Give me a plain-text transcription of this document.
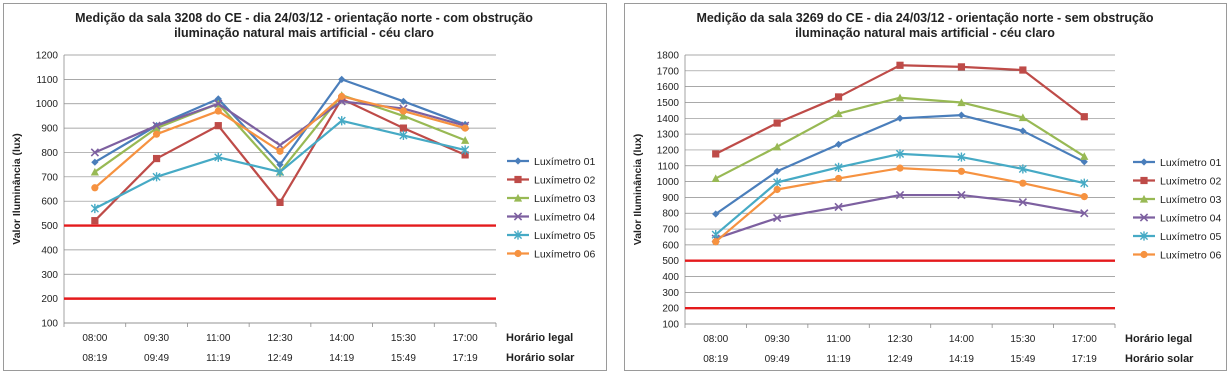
Medição da sala 3208 do CE - dia 24/03/12 - orientação norte - com obstrução
iluminação natural mais artificial - céu claro
100
200
300
400
500
600
700
800
900
1000
1100
1200
Valor Iluminância (lux)
08:00	09:30	11:00	12:30	14:00	15:30	17:00
08:19	09:49	11:19	12:49	14:19	15:49	17:19
Horário legal
Horário solar
Luxímetro 01
Luxímetro 02
Luxímetro 03
Luxímetro 04
Luxímetro 05
Luxímetro 06
Medição da sala 3269 do CE - dia 24/03/12 - orientação norte - sem obstrução
iluminação natural mais artificial - céu claro
100
200
300
400
500
600
700
800
900
1000
1100
1200
1300
1400
1500
1600
1700
1800
Valor Iluminância (lux)
08:00	09:30	11:00	12:30	14:00	15:30	17:00
08:19	09:49	11:19	12:49	14:19	15:49	17:19
Horário legal
Horário solar
Luxímetro 01
Luxímetro 02
Luxímetro 03
Luxímetro 04
Luxímetro 05
Luxímetro 06
